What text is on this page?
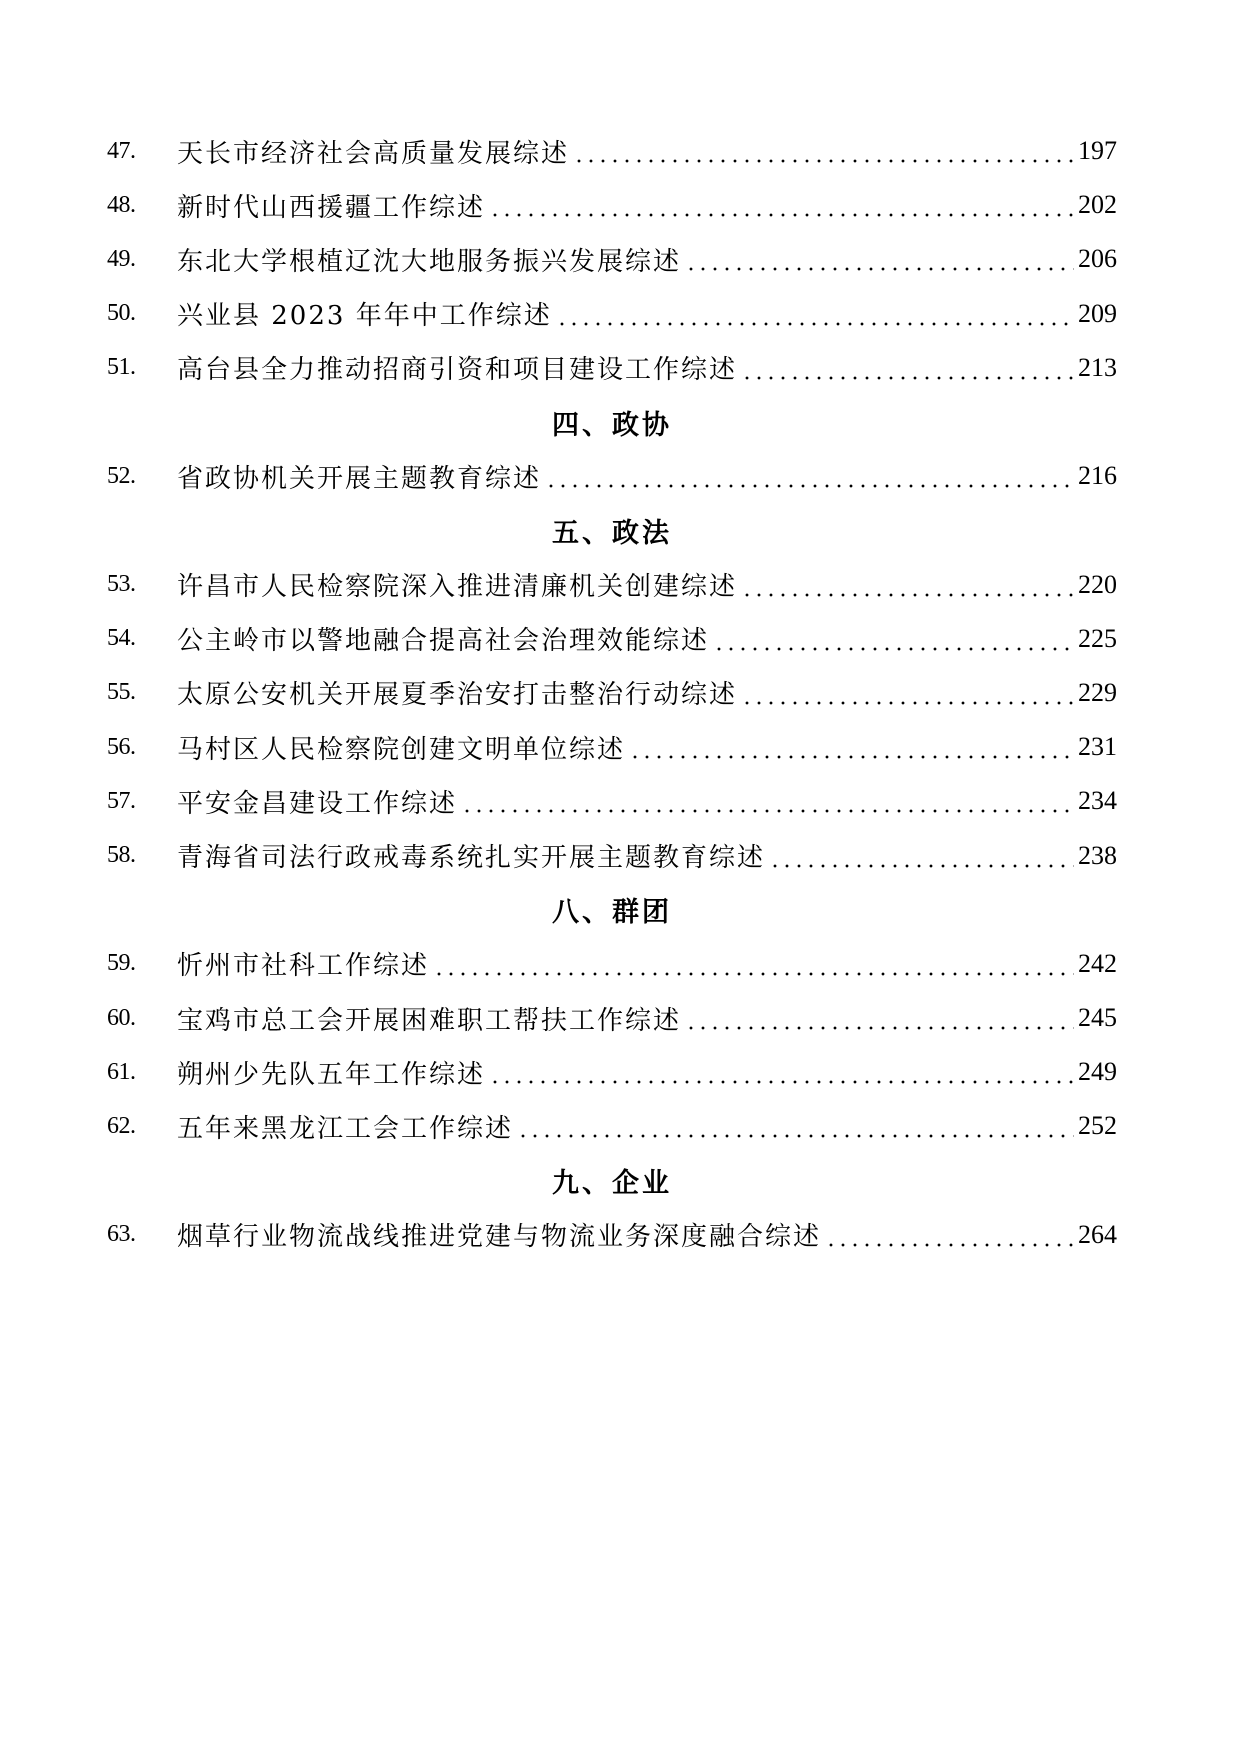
47.	天长市经济社会高质量发展综述	197
48.	新时代山西援疆工作综述	202
49.	东北大学根植辽沈大地服务振兴发展综述	206
50.	兴业县 2023 年年中工作综述	209
51.	高台县全力推动招商引资和项目建设工作综述	213
四、政协
52.	省政协机关开展主题教育综述	216
五、政法
53.	许昌市人民检察院深入推进清廉机关创建综述	220
54.	公主岭市以警地融合提高社会治理效能综述	225
55.	太原公安机关开展夏季治安打击整治行动综述	229
56.	马村区人民检察院创建文明单位综述	231
57.	平安金昌建设工作综述	234
58.	青海省司法行政戒毒系统扎实开展主题教育综述	238
八、群团
59.	忻州市社科工作综述	242
60.	宝鸡市总工会开展困难职工帮扶工作综述	245
61.	朔州少先队五年工作综述	249
62.	五年来黑龙江工会工作综述	252
九、企业
63.	烟草行业物流战线推进党建与物流业务深度融合综述	264
